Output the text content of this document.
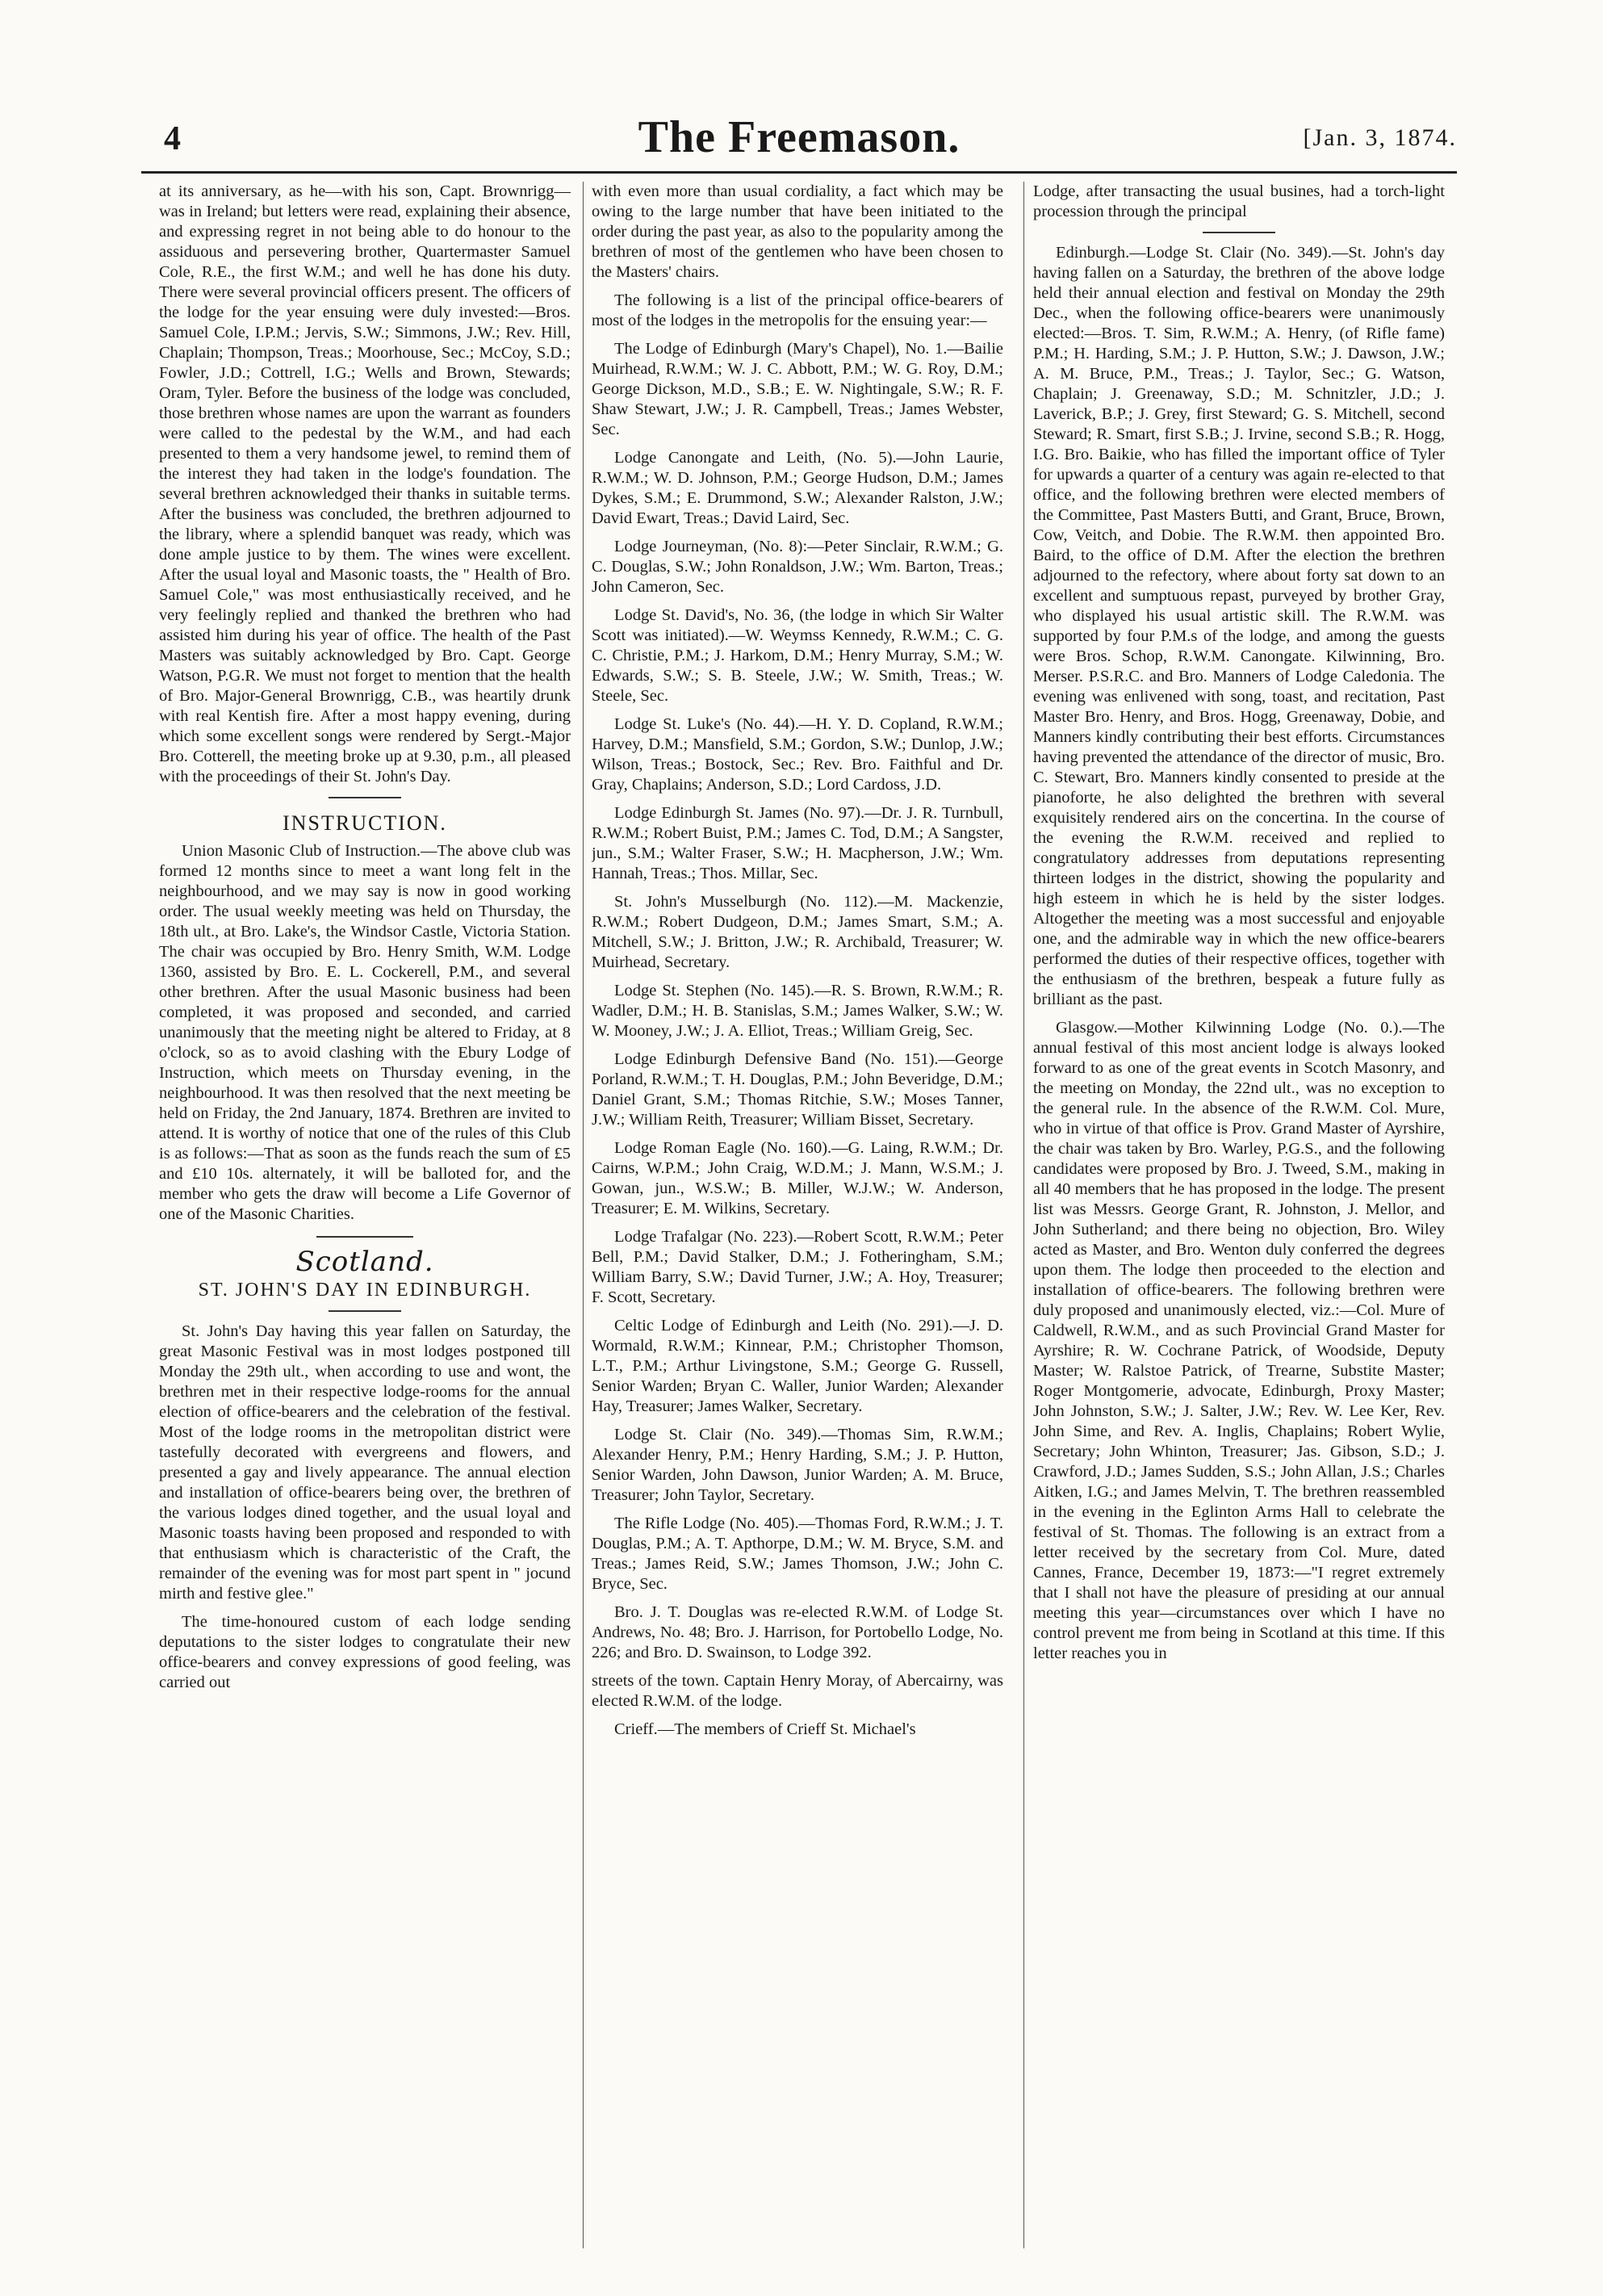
4	The Freemason.	[Jan. 3, 1874.

at its anniversary, as he—with his son, Capt. Brownrigg—was in Ireland; but letters were read, explaining their absence, and expressing regret in not being able to do honour to the assiduous and persevering brother, Quartermaster Samuel Cole, R.E., the first W.M.; and well he has done his duty. There were several provincial officers present. The officers of the lodge for the year ensuing were duly invested:—Bros. Samuel Cole, I.P.M.; Jervis, S.W.; Simmons, J.W.; Rev. Hill, Chaplain; Thompson, Treas.; Moorhouse, Sec.; McCoy, S.D.; Fowler, J.D.; Cottrell, I.G.; Wells and Brown, Stewards; Oram, Tyler. Before the business of the lodge was concluded, those brethren whose names are upon the warrant as founders were called to the pedestal by the W.M., and had each presented to them a very handsome jewel, to remind them of the interest they had taken in the lodge's foundation. The several brethren acknowledged their thanks in suitable terms. After the business was concluded, the brethren adjourned to the library, where a splendid banquet was ready, which was done ample justice to by them. The wines were excellent. After the usual loyal and Masonic toasts, the " Health of Bro. Samuel Cole," was most enthusiastically received, and he very feelingly replied and thanked the brethren who had assisted him during his year of office. The health of the Past Masters was suitably acknowledged by Bro. Capt. George Watson, P.G.R. We must not forget to mention that the health of Bro. Major-General Brownrigg, C.B., was heartily drunk with real Kentish fire. After a most happy evening, during which some excellent songs were rendered by Sergt.-Major Bro. Cotterell, the meeting broke up at 9.30, p.m., all pleased with the proceedings of their St. John's Day.

INSTRUCTION.

Union Masonic Club of Instruction.—The above club was formed 12 months since to meet a want long felt in the neighbourhood, and we may say is now in good working order. The usual weekly meeting was held on Thursday, the 18th ult., at Bro. Lake's, the Windsor Castle, Victoria Station. The chair was occupied by Bro. Henry Smith, W.M. Lodge 1360, assisted by Bro. E. L. Cockerell, P.M., and several other brethren. After the usual Masonic business had been completed, it was proposed and seconded, and carried unanimously that the meeting night be altered to Friday, at 8 o'clock, so as to avoid clashing with the Ebury Lodge of Instruction, which meets on Thursday evening, in the neighbourhood. It was then resolved that the next meeting be held on Friday, the 2nd January, 1874. Brethren are invited to attend. It is worthy of notice that one of the rules of this Club is as follows:—That as soon as the funds reach the sum of £5 and £10 10s. alternately, it will be balloted for, and the member who gets the draw will become a Life Governor of one of the Masonic Charities.

Scotland.
ST. JOHN'S DAY IN EDINBURGH.

St. John's Day having this year fallen on Saturday, the great Masonic Festival was in most lodges postponed till Monday the 29th ult., when according to use and wont, the brethren met in their respective lodge-rooms for the annual election of office-bearers and the celebration of the festival. Most of the lodge rooms in the metropolitan district were tastefully decorated with evergreens and flowers, and presented a gay and lively appearance. The annual election and installation of office-bearers being over, the brethren of the various lodges dined together, and the usual loyal and Masonic toasts having been proposed and responded to with that enthusiasm which is characteristic of the Craft, the remainder of the evening was for most part spent in " jocund mirth and festive glee."

The time-honoured custom of each lodge sending deputations to the sister lodges to congratulate their new office-bearers and convey expressions of good feeling, was carried out

with even more than usual cordiality, a fact which may be owing to the large number that have been initiated to the order during the past year, as also to the popularity among the brethren of most of the gentlemen who have been chosen to the Masters' chairs.

The following is a list of the principal office-bearers of most of the lodges in the metropolis for the ensuing year:—

The Lodge of Edinburgh (Mary's Chapel), No. 1.—Bailie Muirhead, R.W.M.; W. J. C. Abbott, P.M.; W. G. Roy, D.M.; George Dickson, M.D., S.B.; E. W. Nightingale, S.W.; R. F. Shaw Stewart, J.W.; J. R. Campbell, Treas.; James Webster, Sec.

Lodge Canongate and Leith, (No. 5).—John Laurie, R.W.M.; W. D. Johnson, P.M.; George Hudson, D.M.; James Dykes, S.M.; E. Drummond, S.W.; Alexander Ralston, J.W.; David Ewart, Treas.; David Laird, Sec.

Lodge Journeyman, (No. 8):—Peter Sinclair, R.W.M.; G. C. Douglas, S.W.; John Ronaldson, J.W.; Wm. Barton, Treas.; John Cameron, Sec.

Lodge St. David's, No. 36, (the lodge in which Sir Walter Scott was initiated).—W. Weymss Kennedy, R.W.M.; C. G. C. Christie, P.M.; J. Harkom, D.M.; Henry Murray, S.M.; W. Edwards, S.W.; S. B. Steele, J.W.; W. Smith, Treas.; W. Steele, Sec.

Lodge St. Luke's (No. 44).—H. Y. D. Copland, R.W.M.; Harvey, D.M.; Mansfield, S.M.; Gordon, S.W.; Dunlop, J.W.; Wilson, Treas.; Bostock, Sec.; Rev. Bro. Faithful and Dr. Gray, Chaplains; Anderson, S.D.; Lord Cardoss, J.D.

Lodge Edinburgh St. James (No. 97).—Dr. J. R. Turnbull, R.W.M.; Robert Buist, P.M.; James C. Tod, D.M.; A Sangster, jun., S.M.; Walter Fraser, S.W.; H. Macpherson, J.W.; Wm. Hannah, Treas.; Thos. Millar, Sec.

St. John's Musselburgh (No. 112).—M. Mackenzie, R.W.M.; Robert Dudgeon, D.M.; James Smart, S.M.; A. Mitchell, S.W.; J. Britton, J.W.; R. Archibald, Treasurer; W. Muirhead, Secretary.

Lodge St. Stephen (No. 145).—R. S. Brown, R.W.M.; R. Wadler, D.M.; H. B. Stanislas, S.M.; James Walker, S.W.; W. W. Mooney, J.W.; J. A. Elliot, Treas.; William Greig, Sec.

Lodge Edinburgh Defensive Band (No. 151).—George Porland, R.W.M.; T. H. Douglas, P.M.; John Beveridge, D.M.; Daniel Grant, S.M.; Thomas Ritchie, S.W.; Moses Tanner, J.W.; William Reith, Treasurer; William Bisset, Secretary.

Lodge Roman Eagle (No. 160).—G. Laing, R.W.M.; Dr. Cairns, W.P.M.; John Craig, W.D.M.; J. Mann, W.S.M.; J. Gowan, jun., W.S.W.; B. Miller, W.J.W.; W. Anderson, Treasurer; E. M. Wilkins, Secretary.

Lodge Trafalgar (No. 223).—Robert Scott, R.W.M.; Peter Bell, P.M.; David Stalker, D.M.; J. Fotheringham, S.M.; William Barry, S.W.; David Turner, J.W.; A. Hoy, Treasurer; F. Scott, Secretary.

Celtic Lodge of Edinburgh and Leith (No. 291).—J. D. Wormald, R.W.M.; Kinnear, P.M.; Christopher Thomson, L.T., P.M.; Arthur Livingstone, S.M.; George G. Russell, Senior Warden; Bryan C. Waller, Junior Warden; Alexander Hay, Treasurer; James Walker, Secretary.

Lodge St. Clair (No. 349).—Thomas Sim, R.W.M.; Alexander Henry, P.M.; Henry Harding, S.M.; J. P. Hutton, Senior Warden, John Dawson, Junior Warden; A. M. Bruce, Treasurer; John Taylor, Secretary.

The Rifle Lodge (No. 405).—Thomas Ford, R.W.M.; J. T. Douglas, P.M.; A. T. Apthorpe, D.M.; W. M. Bryce, S.M. and Treas.; James Reid, S.W.; James Thomson, J.W.; John C. Bryce, Sec.

Bro. J. T. Douglas was re-elected R.W.M. of Lodge St. Andrews, No. 48; Bro. J. Harrison, for Portobello Lodge, No. 226; and Bro. D. Swainson, to Lodge 392.

streets of the town. Captain Henry Moray, of Abercairny, was elected R.W.M. of the lodge.

Crieff.—The members of Crieff St. Michael's

Lodge, after transacting the usual busines, had a torch-light procession through the principal

Edinburgh.—Lodge St. Clair (No. 349).—St. John's day having fallen on a Saturday, the brethren of the above lodge held their annual election and festival on Monday the 29th Dec., when the following office-bearers were unanimously elected:—Bros. T. Sim, R.W.M.; A. Henry, (of Rifle fame) P.M.; H. Harding, S.M.; J. P. Hutton, S.W.; J. Dawson, J.W.; A. M. Bruce, P.M., Treas.; J. Taylor, Sec.; G. Watson, Chaplain; J. Greenaway, S.D.; M. Schnitzler, J.D.; J. Laverick, B.P.; J. Grey, first Steward; G. S. Mitchell, second Steward; R. Smart, first S.B.; J. Irvine, second S.B.; R. Hogg, I.G. Bro. Baikie, who has filled the important office of Tyler for upwards a quarter of a century was again re-elected to that office, and the following brethren were elected members of the Committee, Past Masters Butti, and Grant, Bruce, Brown, Cow, Veitch, and Dobie. The R.W.M. then appointed Bro. Baird, to the office of D.M. After the election the brethren adjourned to the refectory, where about forty sat down to an excellent and sumptuous repast, purveyed by brother Gray, who displayed his usual artistic skill. The R.W.M. was supported by four P.M.s of the lodge, and among the guests were Bros. Schop, R.W.M. Canongate. Kilwinning, Bro. Merser. P.S.R.C. and Bro. Manners of Lodge Caledonia. The evening was enlivened with song, toast, and recitation, Past Master Bro. Henry, and Bros. Hogg, Greenaway, Dobie, and Manners kindly contributing their best efforts. Circumstances having prevented the attendance of the director of music, Bro. C. Stewart, Bro. Manners kindly consented to preside at the pianoforte, he also delighted the brethren with several exquisitely rendered airs on the concertina. In the course of the evening the R.W.M. received and replied to congratulatory addresses from deputations representing thirteen lodges in the district, showing the popularity and high esteem in which he is held by the sister lodges. Altogether the meeting was a most successful and enjoyable one, and the admirable way in which the new office-bearers performed the duties of their respective offices, together with the enthusiasm of the brethren, bespeak a future fully as brilliant as the past.

Glasgow.—Mother Kilwinning Lodge (No. 0.).—The annual festival of this most ancient lodge is always looked forward to as one of the great events in Scotch Masonry, and the meeting on Monday, the 22nd ult., was no exception to the general rule. In the absence of the R.W.M. Col. Mure, who in virtue of that office is Prov. Grand Master of Ayrshire, the chair was taken by Bro. Warley, P.G.S., and the following candidates were proposed by Bro. J. Tweed, S.M., making in all 40 members that he has proposed in the lodge. The present list was Messrs. George Grant, R. Johnston, J. Mellor, and John Sutherland; and there being no objection, Bro. Wiley acted as Master, and Bro. Wenton duly conferred the degrees upon them. The lodge then proceeded to the election and installation of office-bearers. The following brethren were duly proposed and unanimously elected, viz.:—Col. Mure of Caldwell, R.W.M., and as such Provincial Grand Master for Ayrshire; R. W. Cochrane Patrick, of Woodside, Deputy Master; W. Ralstoe Patrick, of Trearne, Substite Master; Roger Montgomerie, advocate, Edinburgh, Proxy Master; John Johnston, S.W.; J. Salter, J.W.; Rev. W. Lee Ker, Rev. John Sime, and Rev. A. Inglis, Chaplains; Robert Wylie, Secretary; John Whinton, Treasurer; Jas. Gibson, S.D.; J. Crawford, J.D.; James Sudden, S.S.; John Allan, J.S.; Charles Aitken, I.G.; and James Melvin, T. The brethren reassembled in the evening in the Eglinton Arms Hall to celebrate the festival of St. Thomas. The following is an extract from a letter received by the secretary from Col. Mure, dated Cannes, France, December 19, 1873:—"I regret extremely that I shall not have the pleasure of presiding at our annual meeting this year—circumstances over which I have no control prevent me from being in Scotland at this time. If this letter reaches you in
